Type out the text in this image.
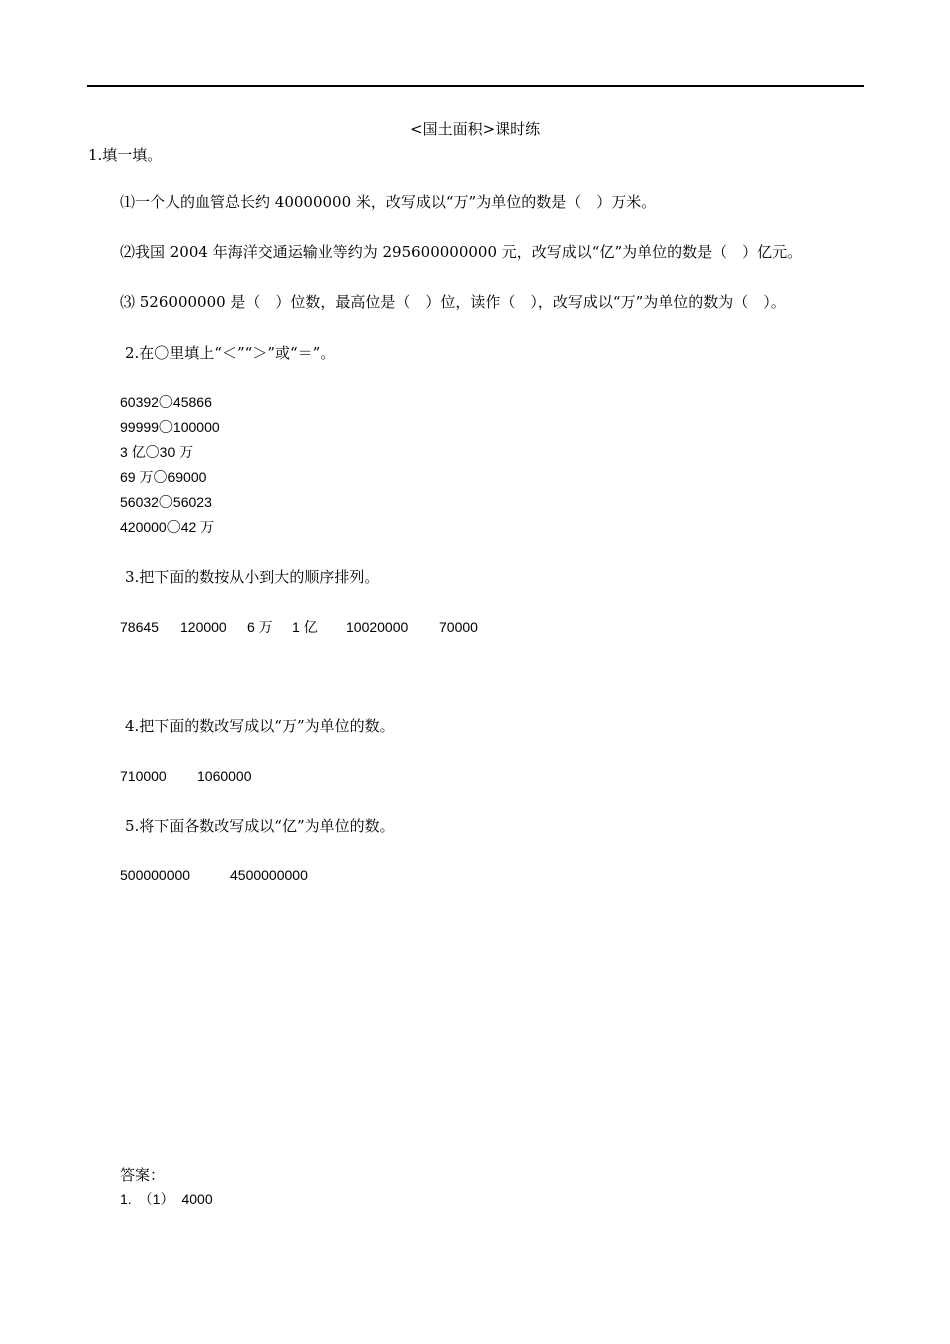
<国土面积>课时练
1.填一填。
⑴一个人的血管总长约 40000000 米，改写成以“万”为单位的数是（　）万米。
⑵我国 2004 年海洋交通运输业等约为 295600000000 元，改写成以“亿”为单位的数是（　）亿元。
⑶ 526000000 是（　）位数，最高位是（　）位，读作（　），改写成以“万”为单位的数为（　）。
2.在〇里填上“＜”“＞”或“＝”。
60392〇45866
99999〇100000
3 亿〇30 万
69 万〇69000
56032〇56023
420000〇42 万
3.把下面的数按从小到大的顺序排列。
78645 120000 6 万 1 亿 10020000 70000
4.把下面的数改写成以“万”为单位的数。
710000 1060000
5.将下面各数改写成以“亿”为单位的数。
500000000	4500000000
答案：
1.　（1）　4000
